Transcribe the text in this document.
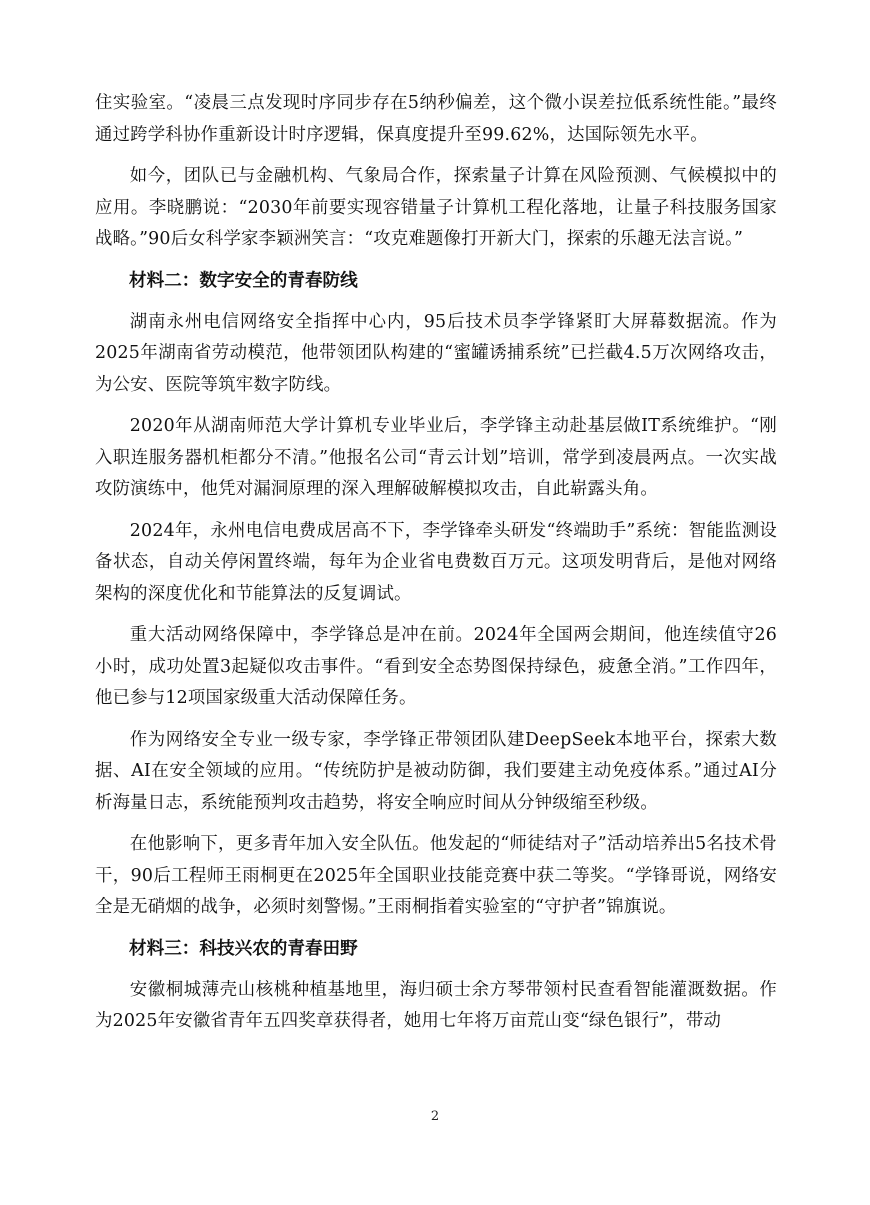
住实验室。“凌晨三点发现时序同步存在5纳秒偏差，这个微小误差拉低系统性能。”最终通过跨学科协作重新设计时序逻辑，保真度提升至99.62%，达国际领先水平。

如今，团队已与金融机构、气象局合作，探索量子计算在风险预测、气候模拟中的应用。李晓鹏说：“2030年前要实现容错量子计算机工程化落地，让量子科技服务国家战略。”90后女科学家李颖洲笑言：“攻克难题像打开新大门，探索的乐趣无法言说。”

材料二：数字安全的青春防线

湖南永州电信网络安全指挥中心内，95后技术员李学锋紧盯大屏幕数据流。作为2025年湖南省劳动模范，他带领团队构建的“蜜罐诱捕系统”已拦截4.5万次网络攻击，为公安、医院等筑牢数字防线。

2020年从湖南师范大学计算机专业毕业后，李学锋主动赴基层做IT系统维护。“刚入职连服务器机柜都分不清。”他报名公司“青云计划”培训，常学到凌晨两点。一次实战攻防演练中，他凭对漏洞原理的深入理解破解模拟攻击，自此崭露头角。

2024年，永州电信电费成居高不下，李学锋牵头研发“终端助手”系统：智能监测设备状态，自动关停闲置终端，每年为企业省电费数百万元。这项发明背后，是他对网络架构的深度优化和节能算法的反复调试。

重大活动网络保障中，李学锋总是冲在前。2024年全国两会期间，他连续值守26小时，成功处置3起疑似攻击事件。“看到安全态势图保持绿色，疲惫全消。”工作四年，他已参与12项国家级重大活动保障任务。

作为网络安全专业一级专家，李学锋正带领团队建DeepSeek本地平台，探索大数据、AI在安全领域的应用。“传统防护是被动防御，我们要建主动免疫体系。”通过AI分析海量日志，系统能预判攻击趋势，将安全响应时间从分钟级缩至秒级。

在他影响下，更多青年加入安全队伍。他发起的“师徒结对子”活动培养出5名技术骨干，90后工程师王雨桐更在2025年全国职业技能竞赛中获二等奖。“学锋哥说，网络安全是无硝烟的战争，必须时刻警惕。”王雨桐指着实验室的“守护者”锦旗说。

材料三：科技兴农的青春田野

安徽桐城薄壳山核桃种植基地里，海归硕士余方琴带领村民查看智能灌溉数据。作为2025年安徽省青年五四奖章获得者，她用七年将万亩荒山变“绿色银行”，带动

2
